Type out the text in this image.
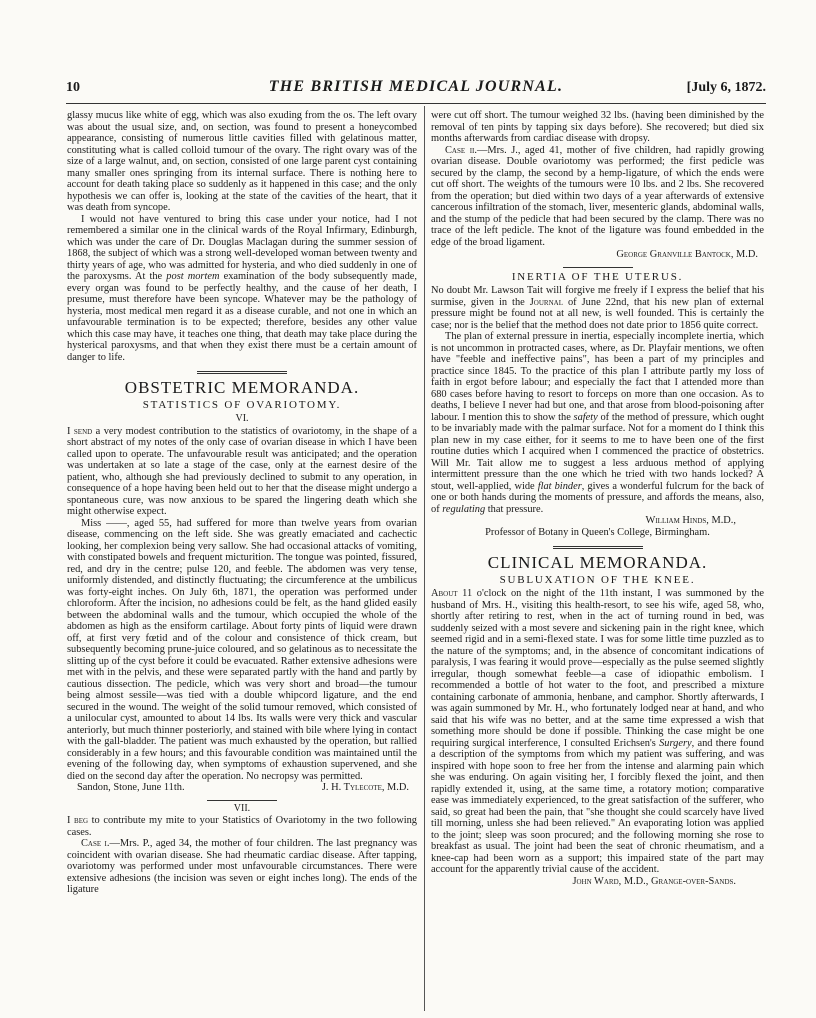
10	THE BRITISH MEDICAL JOURNAL.	[July 6, 1872.

glassy mucus like white of egg, which was also exuding from the os. The left ovary was about the usual size, and, on section, was found to present a honeycombed appearance, consisting of numerous little cavities filled with gelatinous matter, constituting what is called colloid tumour of the ovary. The right ovary was of the size of a large walnut, and, on section, consisted of one large parent cyst containing many smaller ones springing from its internal surface. There is nothing here to account for death taking place so suddenly as it happened in this case; and the only hypothesis we can offer is, looking at the state of the cavities of the heart, that it was death from syncope.

I would not have ventured to bring this case under your notice, had I not remembered a similar one in the clinical wards of the Royal Infirmary, Edinburgh, which was under the care of Dr. Douglas Maclagan during the summer session of 1868, the subject of which was a strong well-developed woman between twenty and thirty years of age, who was admitted for hysteria, and who died suddenly in one of the paroxysms. At the post mortem examination of the body subsequently made, every organ was found to be perfectly healthy, and the cause of her death, I presume, must therefore have been syncope. Whatever may be the pathology of hysteria, most medical men regard it as a disease curable, and not one in which an unfavourable termination is to be expected; therefore, besides any other value which this case may have, it teaches one thing, that death may take place during the hysterical paroxysms, and that when they exist there must be a certain amount of danger to life.

OBSTETRIC MEMORANDA.
STATISTICS OF OVARIOTOMY.
VI.

I send a very modest contribution to the statistics of ovariotomy, in the shape of a short abstract of my notes of the only case of ovarian disease in which I have been called upon to operate. The unfavourable result was anticipated; and the operation was undertaken at so late a stage of the case, only at the earnest desire of the patient, who, although she had previously declined to submit to any operation, in consequence of a hope having been held out to her that the disease might undergo a spontaneous cure, was now anxious to be spared the lingering death which she might otherwise expect.

Miss ——, aged 55, had suffered for more than twelve years from ovarian disease, commencing on the left side. She was greatly emaciated and cachectic looking, her complexion being very sallow. She had occasional attacks of vomiting, with constipated bowels and frequent micturition. The tongue was pointed, fissured, red, and dry in the centre; pulse 120, and feeble. The abdomen was very tense, uniformly distended, and distinctly fluctuating; the circumference at the umbilicus was forty-eight inches. On July 6th, 1871, the operation was performed under chloroform. After the incision, no adhesions could be felt, as the hand glided easily between the abdominal walls and the tumour, which occupied the whole of the abdomen as high as the ensiform cartilage. About forty pints of liquid were drawn off, at first very fœtid and of the colour and consistence of thick cream, but subsequently becoming prune-juice coloured, and so gelatinous as to necessitate the slitting up of the cyst before it could be evacuated. Rather extensive adhesions were met with in the pelvis, and these were separated partly with the hand and partly by cautious dissection. The pedicle, which was very short and broad—the tumour being almost sessile—was tied with a double whipcord ligature, and the end secured in the wound. The weight of the solid tumour removed, which consisted of a unilocular cyst, amounted to about 14 lbs. Its walls were very thick and vascular anteriorly, but much thinner posteriorly, and stained with bile where lying in contact with the gall-bladder. The patient was much exhausted by the operation, but rallied considerably in a few hours; and this favourable condition was maintained until the evening of the following day, when symptoms of exhaustion supervened, and she died on the second day after the operation. No necropsy was permitted.

Sandon, Stone, June 11th.	J. H. Tylecote, M.D.
VII.

I beg to contribute my mite to your Statistics of Ovariotomy in the two following cases.

Case i.—Mrs. P., aged 34, the mother of four children. The last pregnancy was coincident with ovarian disease. She had rheumatic cardiac disease. After tapping, ovariotomy was performed under most unfavourable circumstances. There were extensive adhesions (the incision was seven or eight inches long). The ends of the ligature

were cut off short. The tumour weighed 32 lbs. (having been diminished by the removal of ten pints by tapping six days before). She recovered; but died six months afterwards from cardiac disease with dropsy.

Case ii.—Mrs. J., aged 41, mother of five children, had rapidly growing ovarian disease. Double ovariotomy was performed; the first pedicle was secured by the clamp, the second by a hemp-ligature, of which the ends were cut off short. The weights of the tumours were 10 lbs. and 2 lbs. She recovered from the operation; but died within two days of a year afterwards of extensive cancerous infiltration of the stomach, liver, mesenteric glands, abdominal walls, and the stump of the pedicle that had been secured by the clamp. There was no trace of the left pedicle. The knot of the ligature was found embedded in the edge of the broad ligament.

George Granville Bantock, M.D.

INERTIA OF THE UTERUS.

No doubt Mr. Lawson Tait will forgive me freely if I express the belief that his surmise, given in the Journal of June 22nd, that his new plan of external pressure might be found not at all new, is well founded. This is certainly the case; nor is the belief that the method does not date prior to 1856 quite correct.

The plan of external pressure in inertia, especially incomplete inertia, which is not uncommon in protracted cases, where, as Dr. Playfair mentions, we often have "feeble and ineffective pains", has been a part of my principles and practice since 1845. To the practice of this plan I attribute partly my loss of faith in ergot before labour; and especially the fact that I attended more than 680 cases before having to resort to forceps on more than one occasion. As to deaths, I believe I never had but one, and that arose from blood-poisoning after labour. I mention this to show the safety of the method of pressure, which ought to be invariably made with the palmar surface. Not for a moment do I think this plan new in my case either, for it seems to me to have been one of the first routine duties which I acquired when I commenced the practice of obstetrics. Will Mr. Tait allow me to suggest a less arduous method of applying intermittent pressure than the one which he tried with two hands locked? A stout, well-applied, wide flat binder, gives a wonderful fulcrum for the back of one or both hands during the moments of pressure, and affords the means, also, of regulating that pressure.

William Hinds, M.D.,

Professor of Botany in Queen's College, Birmingham.

CLINICAL MEMORANDA.
SUBLUXATION OF THE KNEE.

About 11 o'clock on the night of the 11th instant, I was summoned by the husband of Mrs. H., visiting this health-resort, to see his wife, aged 58, who, shortly after retiring to rest, when in the act of turning round in bed, was suddenly seized with a most severe and sickening pain in the right knee, which seemed rigid and in a semi-flexed state. I was for some little time puzzled as to the nature of the symptoms; and, in the absence of concomitant indications of paralysis, I was fearing it would prove—especially as the pulse seemed slightly irregular, though somewhat feeble—a case of idiopathic embolism. I recommended a bottle of hot water to the foot, and prescribed a mixture containing carbonate of ammonia, henbane, and camphor. Shortly afterwards, I was again summoned by Mr. H., who fortunately lodged near at hand, and who said that his wife was no better, and at the same time expressed a wish that something more should be done if possible. Thinking the case might be one requiring surgical interference, I consulted Erichsen's Surgery, and there found a description of the symptoms from which my patient was suffering, and was inspired with hope soon to free her from the intense and alarming pain which she was enduring. On again visiting her, I forcibly flexed the joint, and then rapidly extended it, using, at the same time, a rotatory motion; comparative ease was immediately experienced, to the great satisfaction of the sufferer, who said, so great had been the pain, that "she thought she could scarcely have lived till morning, unless she had been relieved." An evaporating lotion was applied to the joint; sleep was soon procured; and the following morning she rose to breakfast as usual. The joint had been the seat of chronic rheumatism, and a knee-cap had been worn as a support; this impaired state of the part may account for the apparently trivial cause of the accident.

John Ward, M.D., Grange-over-Sands.
